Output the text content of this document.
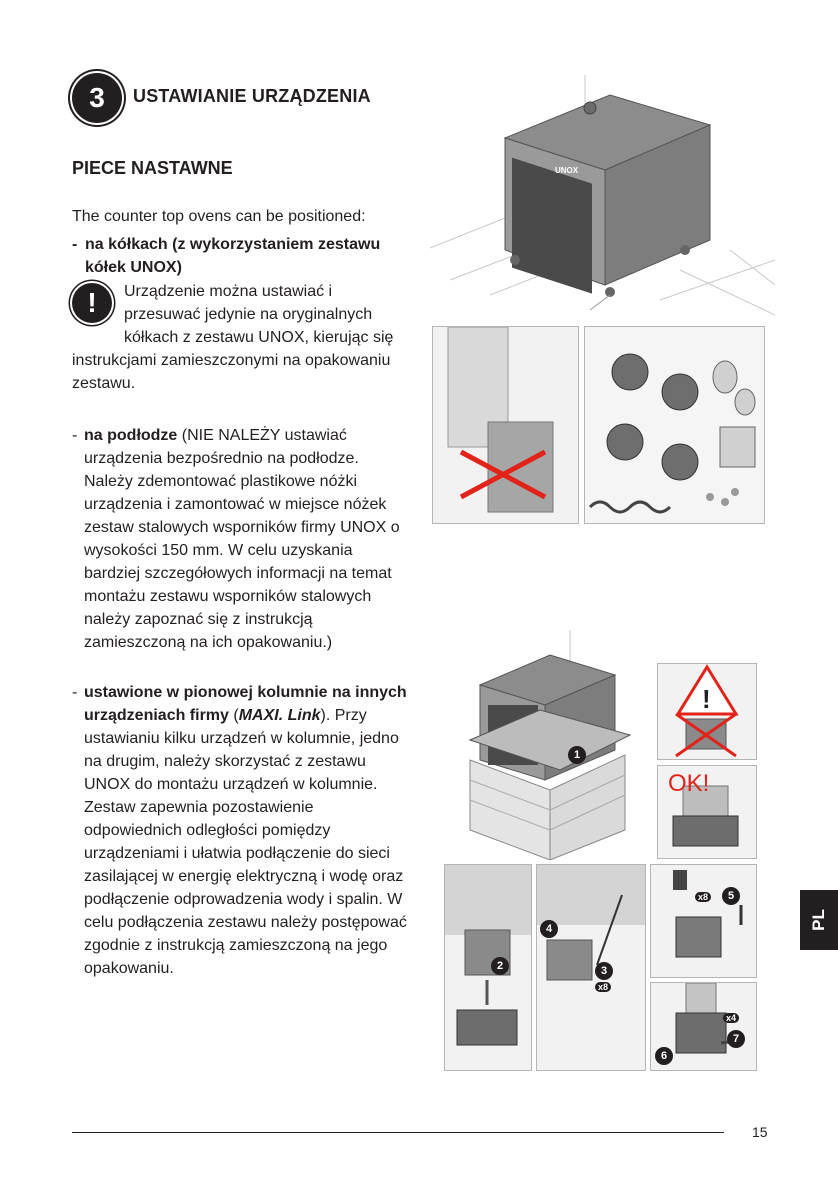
3	USTAWIANIE URZĄDZENIA
PIECE NASTAWNE
The counter top ovens can be positioned:
- na kółkach (z wykorzystaniem zestawu kółek UNOX)
!	Urządzenie można ustawiać i przesuwać jedynie na oryginalnych kółkach z zestawu UNOX, kierując się instrukcjami zamieszczonymi na opakowaniu zestawu.
- na podłodze (NIE NALEŻY ustawiać urządzenia bezpośrednio na podłodze. Należy zdemontować plastikowe nóżki urządzenia i zamontować w miejsce nóżek zestaw stalowych wsporników firmy UNOX o wysokości 150 mm. W celu uzyskania bardziej szczegółowych informacji na temat montażu zestawu wsporników stalowych należy zapoznać się z instrukcją zamieszczoną na ich opakowaniu.)
- ustawione w pionowej kolumnie na innych urządzeniach firmy (MAXI. Link). Przy ustawianiu kilku urządzeń w kolumnie, jedno na drugim, należy skorzystać z zestawu UNOX do montażu urządzeń w kolumnie. Zestaw zapewnia pozostawienie odpowiednich odległości pomiędzy urządzeniami i ułatwia podłączenie do sieci zasilającej w energię elektryczną i wodę oraz podłączenie odprowadzenia wody i spalin. W celu podłączenia zestawu należy postępować zgodnie z instrukcją zamieszczoną na jego opakowaniu.
UNOX
1
!
OK!
2
4
3
x8
x8	5
x4
7
6
PL
15
